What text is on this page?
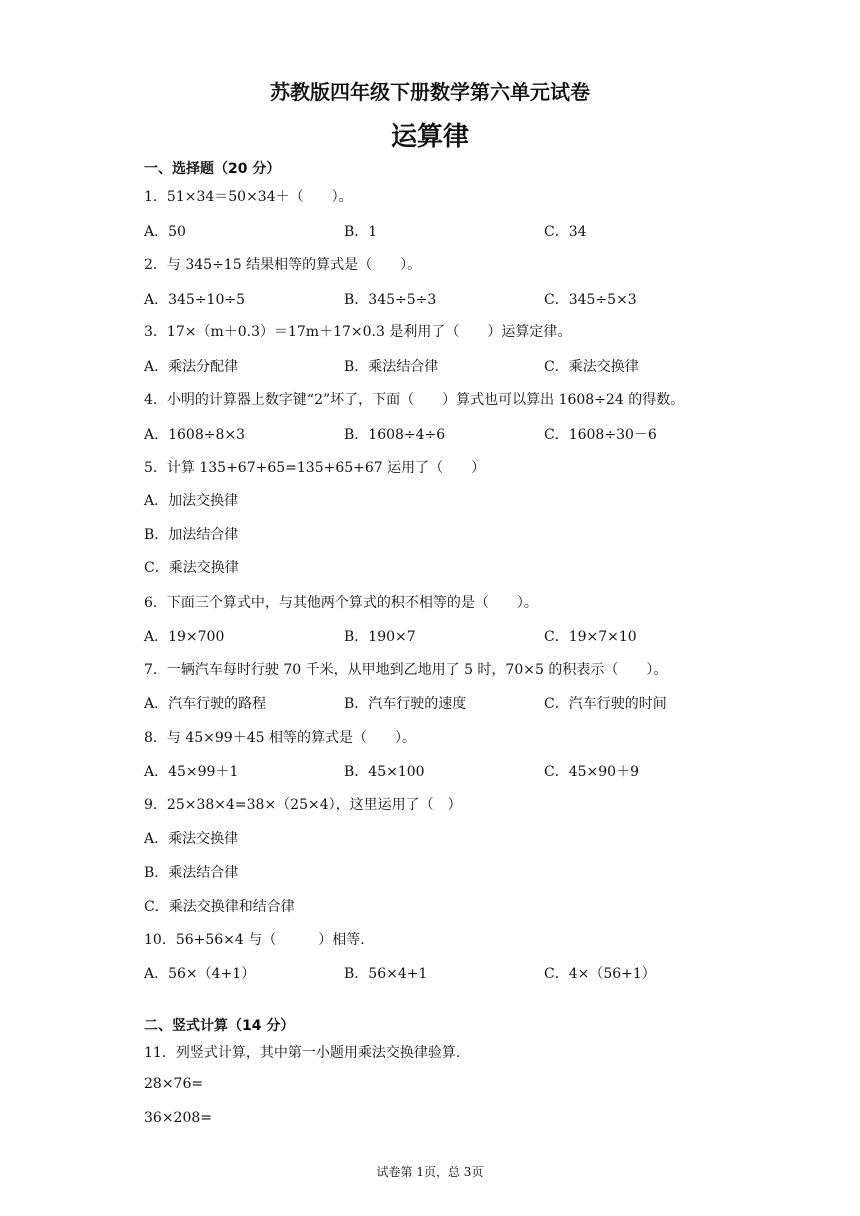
苏教版四年级下册数学第六单元试卷
运算律
一、选择题（20 分）
1．51×34＝50×34＋（　　）。
A．50	B．1	C．34
2．与 345÷15 结果相等的算式是（　　）。
A．345÷10÷5	B．345÷5÷3	C．345÷5×3
3．17×（m＋0.3）＝17m＋17×0.3 是利用了（　　）运算定律。
A．乘法分配律	B．乘法结合律	C．乘法交换律
4．小明的计算器上数字键“2”坏了，下面（　　）算式也可以算出 1608÷24 的得数。
A．1608÷8×3	B．1608÷4÷6	C．1608÷30－6
5．计算 135+67+65=135+65+67 运用了（　　）
A．加法交换律
B．加法结合律
C．乘法交换律
6．下面三个算式中，与其他两个算式的积不相等的是（　　）。
A．19×700	B．190×7	C．19×7×10
7．一辆汽车每时行驶 70 千米，从甲地到乙地用了 5 时，70×5 的积表示（　　）。
A．汽车行驶的路程	B．汽车行驶的速度	C．汽车行驶的时间
8．与 45×99＋45 相等的算式是（　　）。
A．45×99＋1	B．45×100	C．45×90＋9
9．25×38×4=38×（25×4），这里运用了（　）
A．乘法交换律
B．乘法结合律
C．乘法交换律和结合律
10．56+56×4 与（　　　）相等.
A．56×（4+1）	B．56×4+1	C．4×（56+1）
二、竖式计算（14 分）
11．列竖式计算，其中第一小题用乘法交换律验算.
28×76=
36×208=
试卷第 1页，总 3页
